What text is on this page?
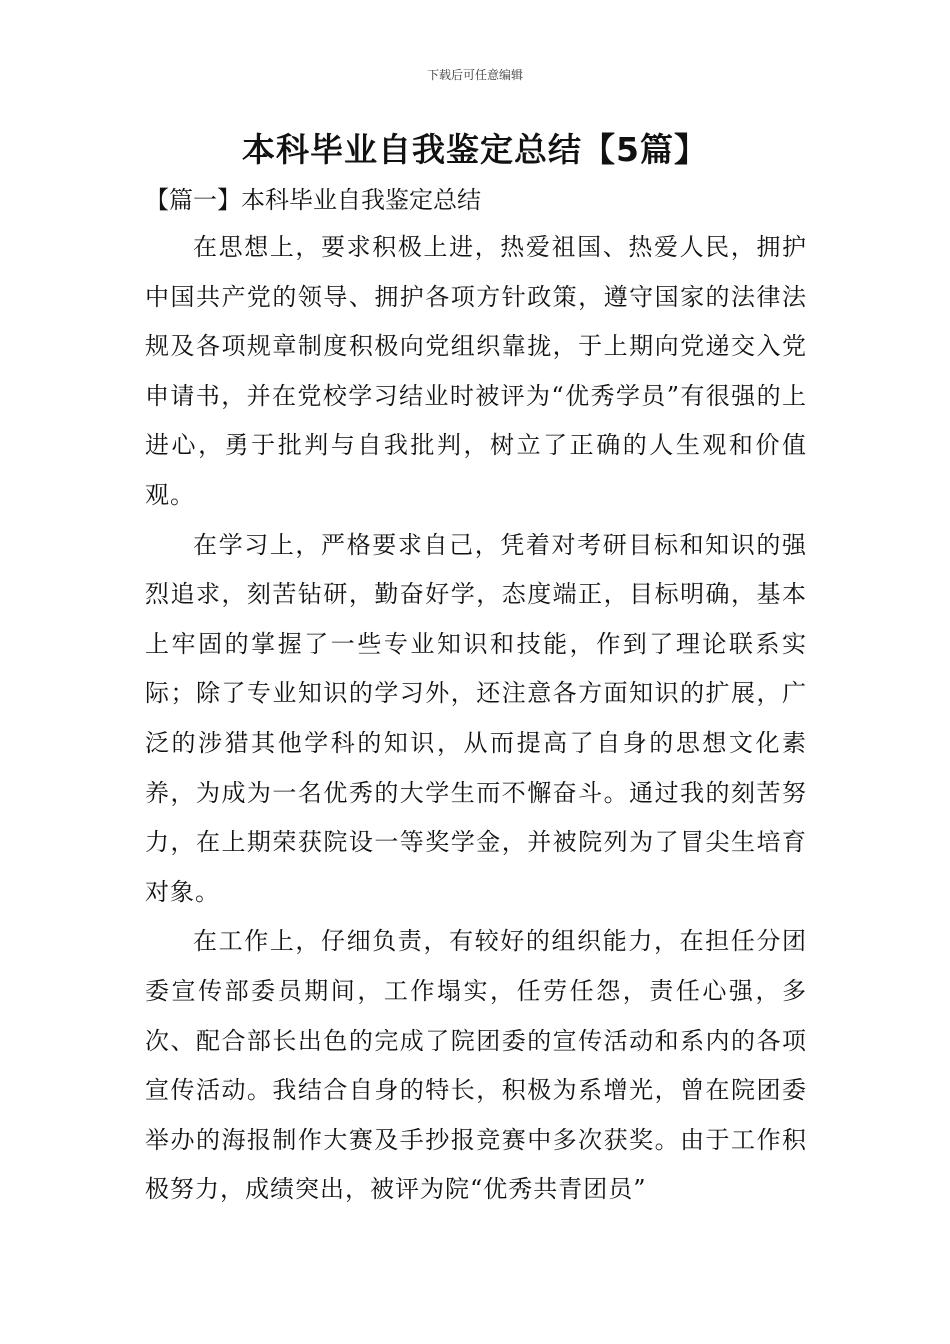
下载后可任意编辑
本科毕业自我鉴定总结【5篇】
【篇一】本科毕业自我鉴定总结

在思想上，要求积极上进，热爱祖国、热爱人民，拥护中国共产党的领导、拥护各项方针政策，遵守国家的法律法规及各项规章制度积极向党组织靠拢，于上期向党递交入党申请书，并在党校学习结业时被评为“优秀学员”有很强的上进心，勇于批判与自我批判，树立了正确的人生观和价值观。

在学习上，严格要求自己，凭着对考研目标和知识的强烈追求，刻苦钻研，勤奋好学，态度端正，目标明确，基本上牢固的掌握了一些专业知识和技能，作到了理论联系实际；除了专业知识的学习外，还注意各方面知识的扩展，广泛的涉猎其他学科的知识，从而提高了自身的思想文化素养，为成为一名优秀的大学生而不懈奋斗。通过我的刻苦努力，在上期荣获院设一等奖学金，并被院列为了冒尖生培育对象。

在工作上，仔细负责，有较好的组织能力，在担任分团委宣传部委员期间，工作塌实，任劳任怨，责任心强，多次、配合部长出色的完成了院团委的宣传活动和系内的各项宣传活动。我结合自身的特长，积极为系增光，曾在院团委举办的海报制作大赛及手抄报竞赛中多次获奖。由于工作积极努力，成绩突出，被评为院“优秀共青团员”
